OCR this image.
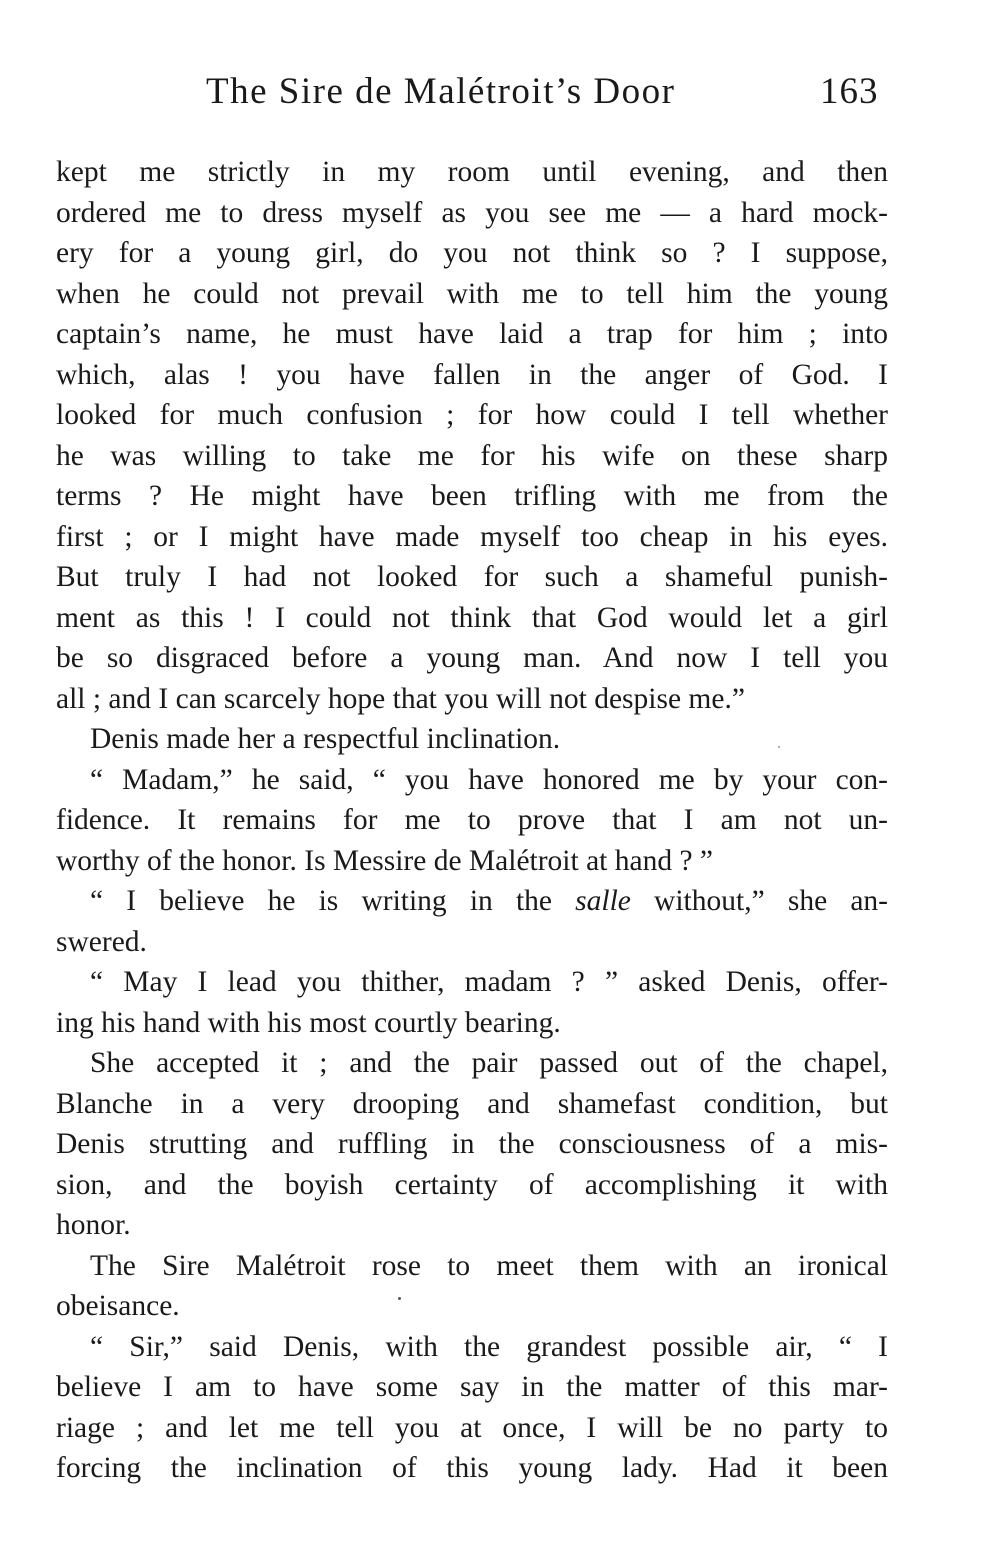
The Sire de Malétroit’s Door	163
kept me strictly in my room until evening, and then
ordered me to dress myself as you see me — a hard mock-
ery for a young girl, do you not think so ? I suppose,
when he could not prevail with me to tell him the young
captain’s name, he must have laid a trap for him ; into
which, alas ! you have fallen in the anger of God. I
looked for much confusion ; for how could I tell whether
he was willing to take me for his wife on these sharp
terms ? He might have been trifling with me from the
first ; or I might have made myself too cheap in his eyes.
But truly I had not looked for such a shameful punish-
ment as this ! I could not think that God would let a girl
be so disgraced before a young man. And now I tell you
all ; and I can scarcely hope that you will not despise me.”
Denis made her a respectful inclination.
“ Madam,” he said, “ you have honored me by your con-
fidence. It remains for me to prove that I am not un-
worthy of the honor. Is Messire de Malétroit at hand ? ”
“ I believe he is writing in the salle without,” she an-
swered.
“ May I lead you thither, madam ? ” asked Denis, offer-
ing his hand with his most courtly bearing.
She accepted it ; and the pair passed out of the chapel,
Blanche in a very drooping and shamefast condition, but
Denis strutting and ruffling in the consciousness of a mis-
sion, and the boyish certainty of accomplishing it with
honor.
The Sire Malétroit rose to meet them with an ironical
obeisance.
“ Sir,” said Denis, with the grandest possible air, “ I
believe I am to have some say in the matter of this mar-
riage ; and let me tell you at once, I will be no party to
forcing the inclination of this young lady. Had it been
